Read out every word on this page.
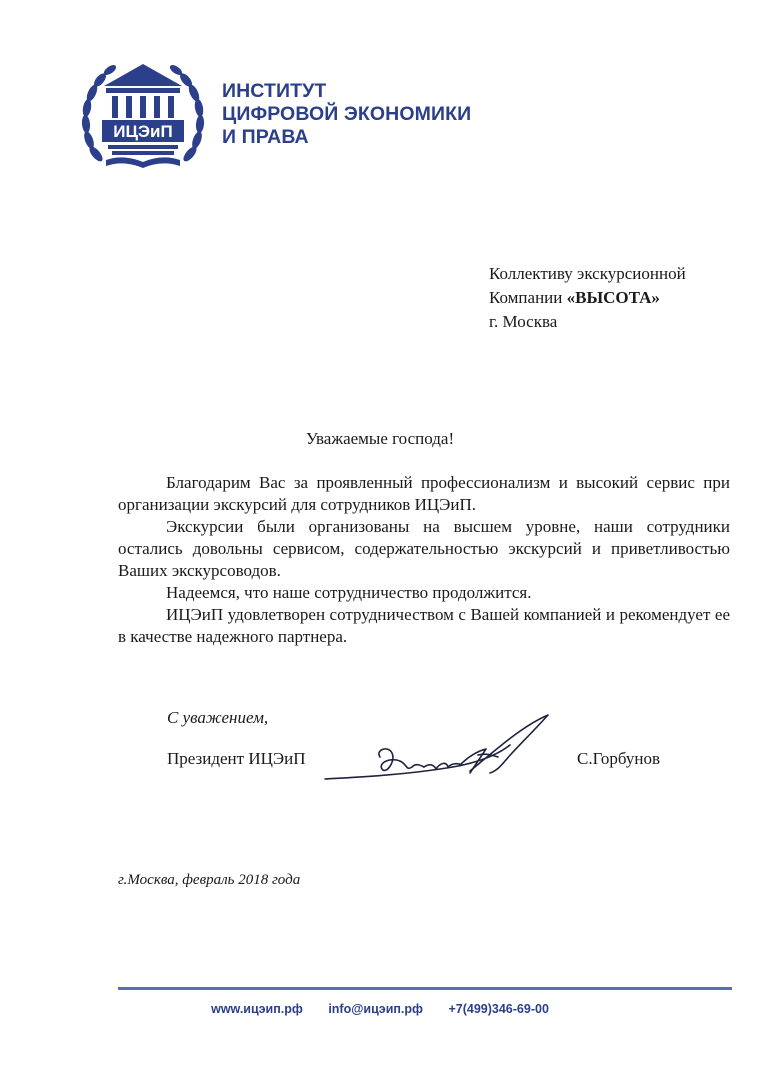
ИЦЭиП
ИНСТИТУТ
ЦИФРОВОЙ ЭКОНОМИКИ
И ПРАВА
Коллективу экскурсионной
Компании «ВЫСОТА»
г. Москва
Уважаемые господа!

Благодарим Вас за проявленный профессионализм и высокий сервис при организации экскурсий для сотрудников ИЦЭиП.

Экскурсии были организованы на высшем уровне, наши сотрудники остались довольны сервисом, содержательностью экскурсий и приветливостью Ваших экскурсоводов.

Надеемся, что наше сотрудничество продолжится.

ИЦЭиП удовлетворен сотрудничеством с Вашей компанией и рекомендует ее в качестве надежного партнера.

С уважением,
Президент ИЦЭиП	С.Горбунов
г.Москва, февраль 2018 года
www.ицэип.рф info@ицэип.рф +7(499)346-69-00
